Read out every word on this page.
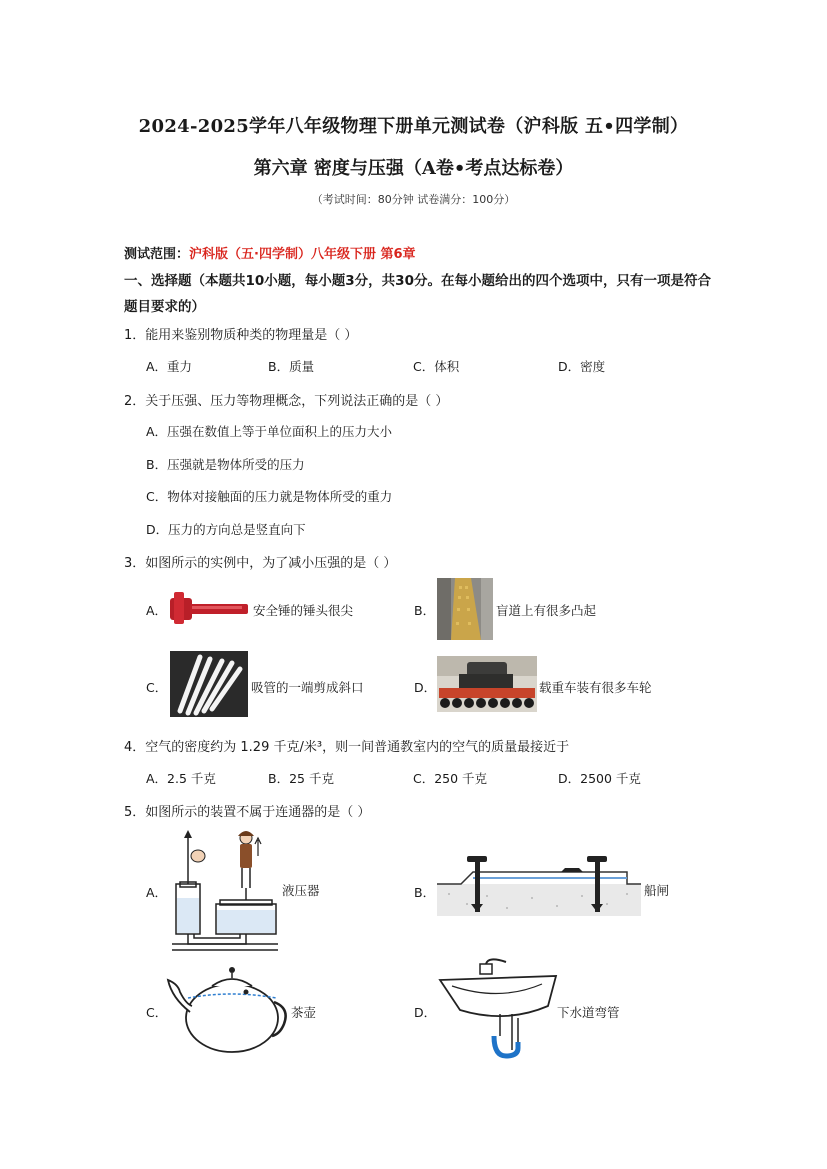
2024-2025学年八年级物理下册单元测试卷（沪科版 五•四学制）
第六章 密度与压强（A卷•考点达标卷）
（考试时间：80分钟 试卷满分：100分）
测试范围：沪科版（五·四学制）八年级下册 第6章
一、选择题（本题共10小题，每小题3分，共30分。在每小题给出的四个选项中，只有一项是符合题目要求的）
1．能用来鉴别物质种类的物理量是（ ）
A．重力	B．质量	C．体积	D．密度
2．关于压强、压力等物理概念，下列说法正确的是（ ）
A．压强在数值上等于单位面积上的压力大小
B．压强就是物体所受的压力
C．物体对接触面的压力就是物体所受的重力
D．压力的方向总是竖直向下
3．如图所示的实例中，为了减小压强的是（ ）
A．	安全锤的锤头很尖	B．	盲道上有很多凸起
C．	吸管的一端剪成斜口	D．	载重车装有很多车轮
4．空气的密度约为 1.29 千克/米³，则一间普通教室内的空气的质量最接近于
A．2.5 千克	B．25 千克	C．250 千克	D．2500 千克
5．如图所示的装置不属于连通器的是（ ）
A．	液压器	B．	船闸
C．	茶壶	D．	下水道弯管
